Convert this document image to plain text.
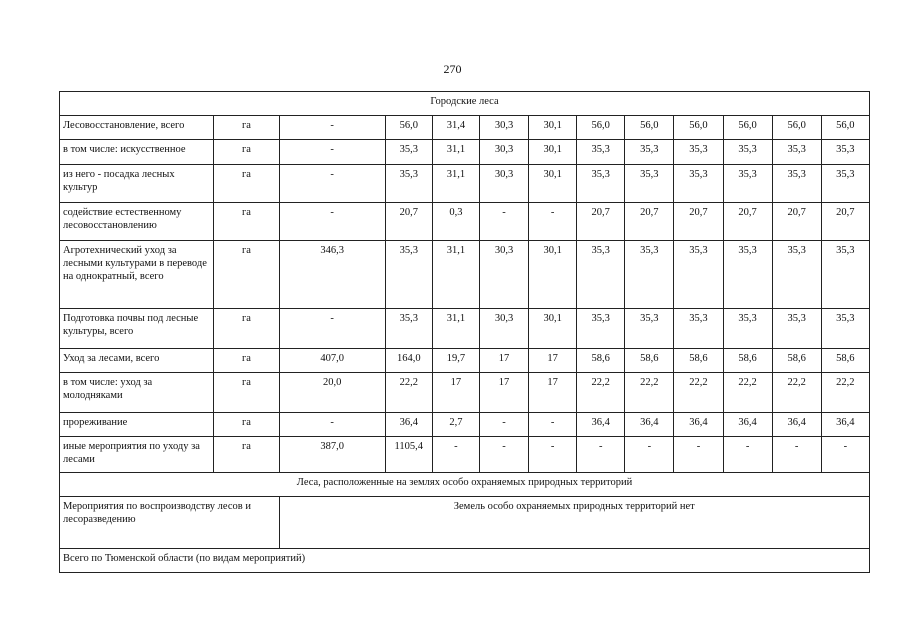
270
Городские леса												
Лесовосстановление, всего	га	-	56,0	31,4	30,3	30,1	56,0	56,0	56,0	56,0	56,0	56,0
в том числе: искусственное	га	-	35,3	31,1	30,3	30,1	35,3	35,3	35,3	35,3	35,3	35,3
из него - посадка лесных культур	га	-	35,3	31,1	30,3	30,1	35,3	35,3	35,3	35,3	35,3	35,3
содействие естественному лесовосстановлению	га	-	20,7	0,3	-	-	20,7	20,7	20,7	20,7	20,7	20,7
Агротехнический уход за лесными культурами в переводе на однократный, всего	га	346,3	35,3	31,1	30,3	30,1	35,3	35,3	35,3	35,3	35,3	35,3
Подготовка почвы под лесные культуры, всего	га	-	35,3	31,1	30,3	30,1	35,3	35,3	35,3	35,3	35,3	35,3
Уход за лесами, всего	га	407,0	164,0	19,7	17	17	58,6	58,6	58,6	58,6	58,6	58,6
в том числе: уход за молодняками	га	20,0	22,2	17	17	17	22,2	22,2	22,2	22,2	22,2	22,2
прореживание	га	-	36,4	2,7	-	-	36,4	36,4	36,4	36,4	36,4	36,4
иные мероприятия по уходу за лесами	га	387,0	1105,4	-	-	-	-	-	-	-	-	-
Леса, расположенные на землях особо охраняемых природных территорий												
Мероприятия по воспроизводству лесов и лесоразведению		Земель особо охраняемых природных территорий нет										
Всего по Тюменской области (по видам мероприятий)												
